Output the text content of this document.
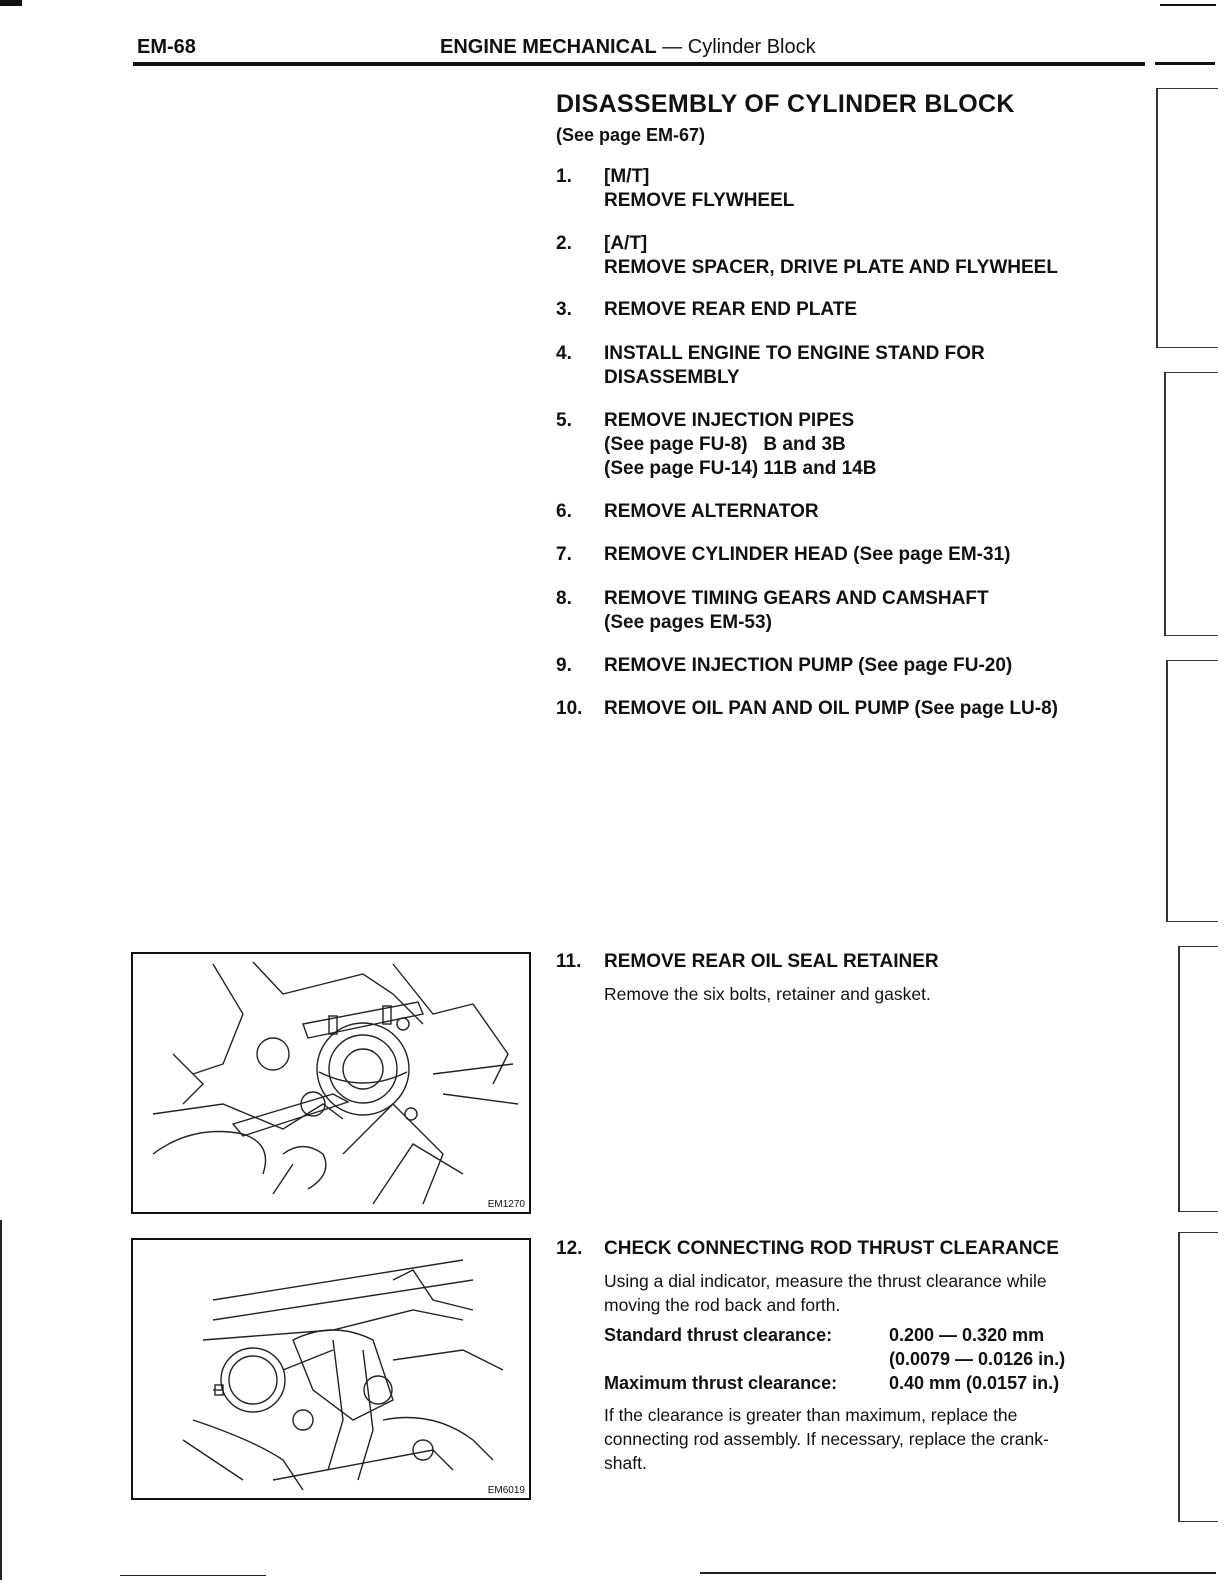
EM-68	ENGINE MECHANICAL — Cylinder Block
DISASSEMBLY OF CYLINDER BLOCK
(See page EM-67)
1.	[M/T]
REMOVE FLYWHEEL
2.	[A/T]
REMOVE SPACER, DRIVE PLATE AND FLYWHEEL
3.	REMOVE REAR END PLATE
4.	INSTALL ENGINE TO ENGINE STAND FOR
DISASSEMBLY
5.	REMOVE INJECTION PIPES
(See page FU-8)   B and 3B
(See page FU-14) 11B and 14B
6.	REMOVE ALTERNATOR
7.	REMOVE CYLINDER HEAD (See page EM-31)
8.	REMOVE TIMING GEARS AND CAMSHAFT
(See pages EM-53)
9.	REMOVE INJECTION PUMP (See page FU-20)
10.	REMOVE OIL PAN AND OIL PUMP (See page LU-8)
11.	REMOVE REAR OIL SEAL RETAINER
Remove the six bolts, retainer and gasket.
12.	CHECK CONNECTING ROD THRUST CLEARANCE
Using a dial indicator, measure the thrust clearance while
moving the rod back and forth.
Standard thrust clearance:	0.200 — 0.320 mm
(0.0079 — 0.0126 in.)
Maximum thrust clearance:	0.40 mm (0.0157 in.)
If the clearance is greater than maximum, replace the
connecting rod assembly. If necessary, replace the crank-
shaft.
EM1270
EM6019
